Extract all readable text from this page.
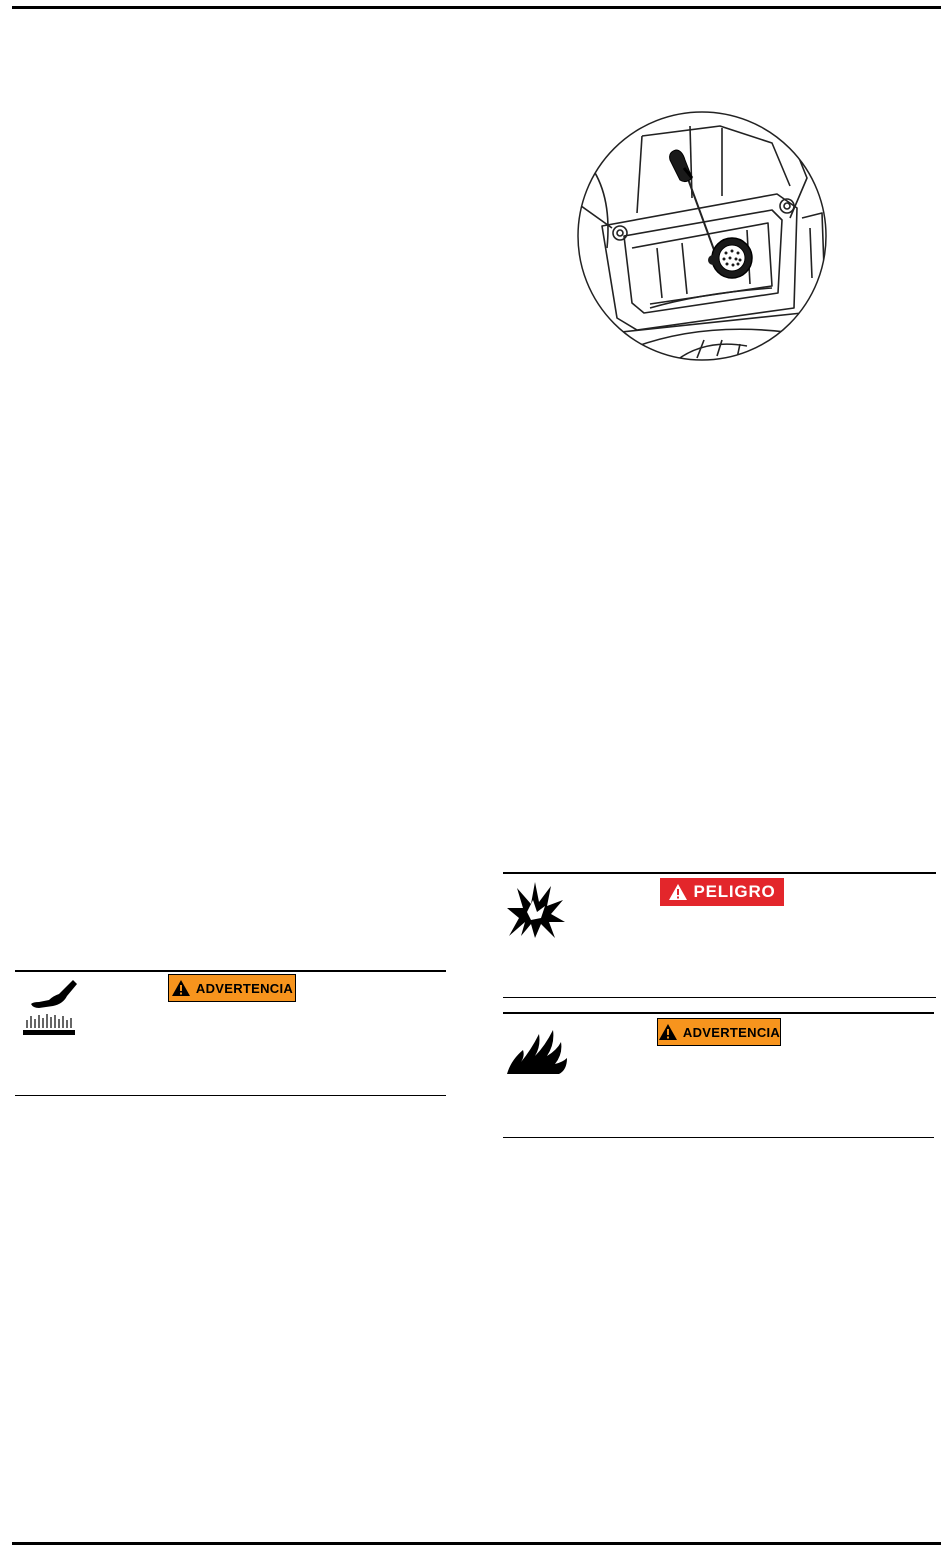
ADVERTENCIA
PELIGRO
ADVERTENCIA
